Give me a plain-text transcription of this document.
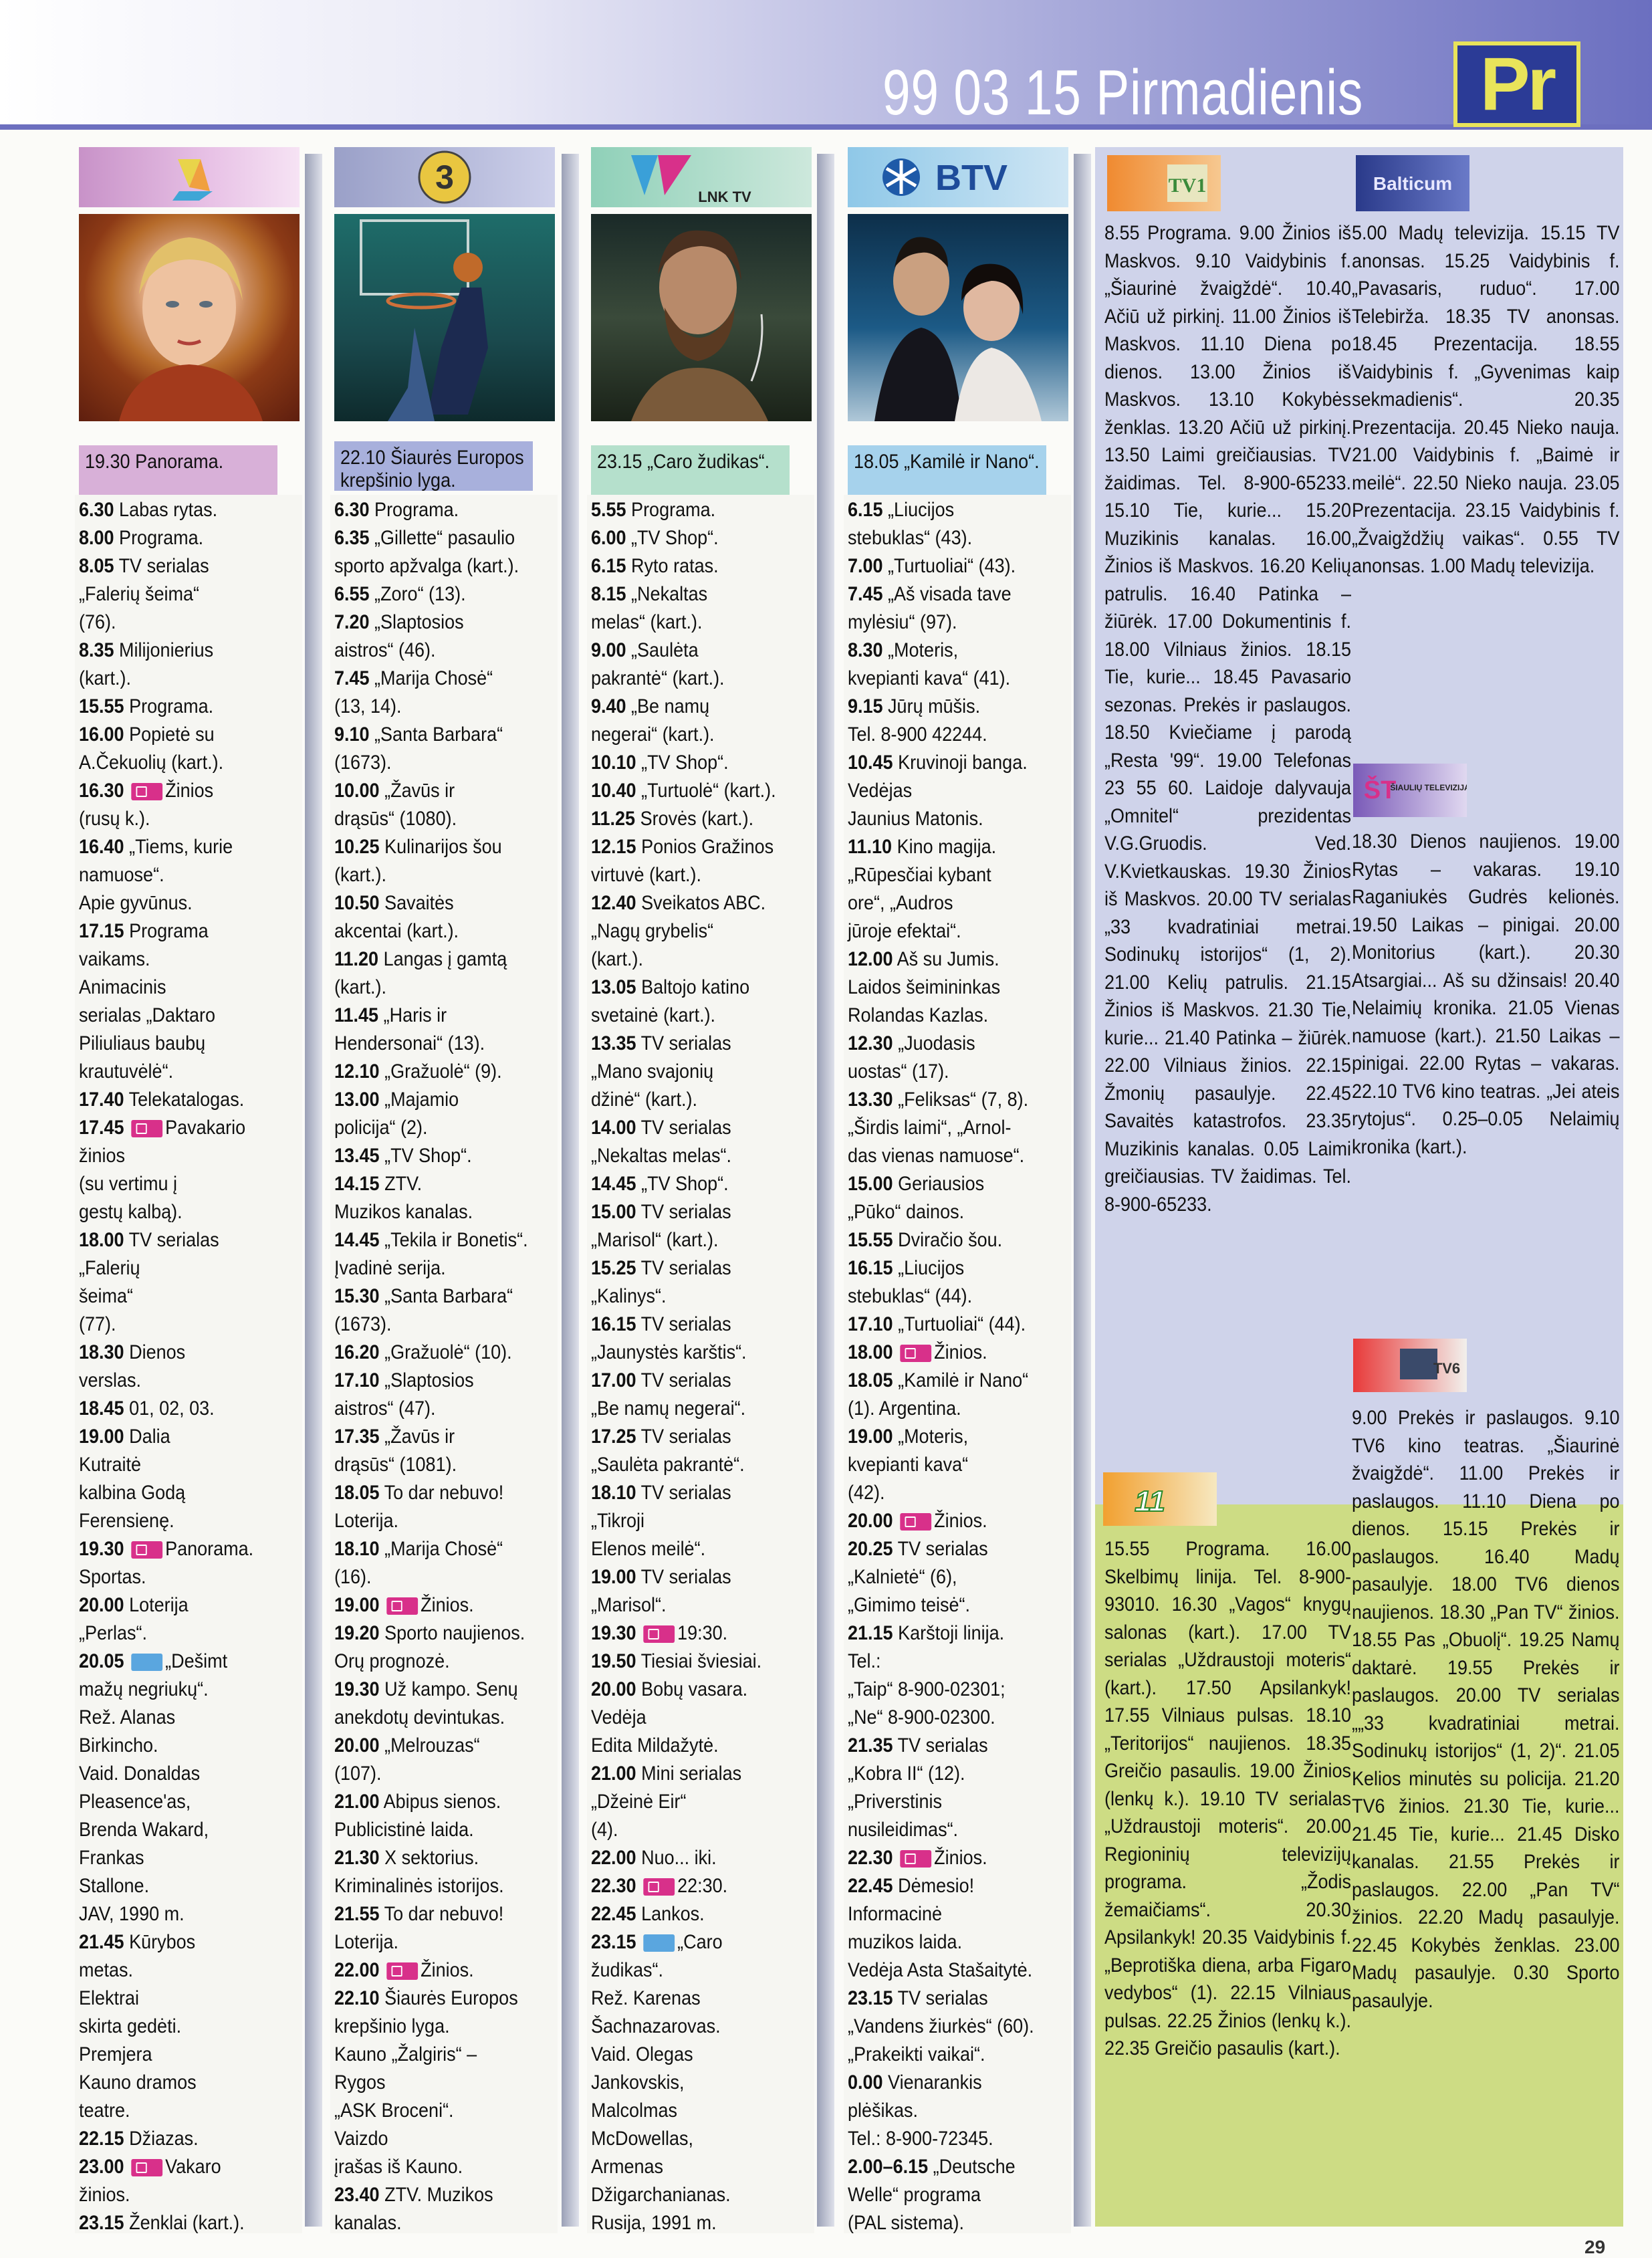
99 03 15 Pirmadienis	Pr
19.30 Panorama.
6.30 Labas rytas.
8.00 Programa.
8.05 TV serialas
„Falerių šeima“
(76).
8.35 Milijonierius
(kart.).
15.55 Programa.
16.00 Popietė su
A.Čekuolių (kart.).
16.30 Žinios
(rusų k.).
16.40 „Tiems, kurie
namuose“.
Apie gyvūnus.
17.15 Programa
vaikams.
Animacinis
serialas „Daktaro
Piliuliaus baubų
krautuvėlė“.
17.40 Telekatalogas.
17.45 Pavakario
žinios
(su vertimu į
gestų kalbą).
18.00 TV serialas
„Falerių
šeima“
(77).
18.30 Dienos
verslas.
18.45 01, 02, 03.
19.00 Dalia
Kutraitė
kalbina Godą
Ferensienę.
19.30 Panorama.
Sportas.
20.00 Loterija
„Perlas“.
20.05 „Dešimt
mažų negriukų“.
Rež. Alanas
Birkincho.
Vaid. Donaldas
Pleasence'as,
Brenda Wakard,
Frankas
Stallone.
JAV, 1990 m.
21.45 Kūrybos
metas.
Elektrai
skirta gedėti.
Premjera
Kauno dramos
teatre.
22.15 Džiazas.
23.00 Vakaro
žinios.
23.15 Ženklai (kart.).
3
22.10 Šiaurės Europos krepšinio lyga.
6.30 Programa.
6.35 „Gillette“ pasaulio
sporto apžvalga (kart.).
6.55 „Zoro“ (13).
7.20 „Slaptosios
aistros“ (46).
7.45 „Marija Chosė“
(13, 14).
9.10 „Santa Barbara“
(1673).
10.00 „Žavūs ir
drąsūs“ (1080).
10.25 Kulinarijos šou
(kart.).
10.50 Savaitės
akcentai (kart.).
11.20 Langas į gamtą
(kart.).
11.45 „Haris ir
Hendersonai“ (13).
12.10 „Gražuolė“ (9).
13.00 „Majamio
policija“ (2).
13.45 „TV Shop“.
14.15 ZTV.
Muzikos kanalas.
14.45 „Tekila ir Bonetis“.
Įvadinė serija.
15.30 „Santa Barbara“
(1673).
16.20 „Gražuolė“ (10).
17.10 „Slaptosios
aistros“ (47).
17.35 „Žavūs ir
drąsūs“ (1081).
18.05 To dar nebuvo!
Loterija.
18.10 „Marija Chosė“
(16).
19.00 Žinios.
19.20 Sporto naujienos.
Orų prognozė.
19.30 Už kampo. Senų
anekdotų devintukas.
20.00 „Melrouzas“
(107).
21.00 Abipus sienos.
Publicistinė laida.
21.30 X sektorius.
Kriminalinės istorijos.
21.55 To dar nebuvo!
Loterija.
22.00 Žinios.
22.10 Šiaurės Europos
krepšinio lyga.
Kauno „Žalgiris“ –
Rygos
„ASK Broceni“.
Vaizdo
įrašas iš Kauno.
23.40 ZTV. Muzikos
kanalas.
LNK TV
23.15 „Caro žudikas“.
5.55 Programa.
6.00 „TV Shop“.
6.15 Ryto ratas.
8.15 „Nekaltas
melas“ (kart.).
9.00 „Saulėta
pakrantė“ (kart.).
9.40 „Be namų
negerai“ (kart.).
10.10 „TV Shop“.
10.40 „Turtuolė“ (kart.).
11.25 Srovės (kart.).
12.15 Ponios Gražinos
virtuvė (kart.).
12.40 Sveikatos ABC.
„Nagų grybelis“
(kart.).
13.05 Baltojo katino
svetainė (kart.).
13.35 TV serialas
„Mano svajonių
džinė“ (kart.).
14.00 TV serialas
„Nekaltas melas“.
14.45 „TV Shop“.
15.00 TV serialas
„Marisol“ (kart.).
15.25 TV serialas
„Kalinys“.
16.15 TV serialas
„Jaunystės karštis“.
17.00 TV serialas
„Be namų negerai“.
17.25 TV serialas
„Saulėta pakrantė“.
18.10 TV serialas
„Tikroji
Elenos meilė“.
19.00 TV serialas
„Marisol“.
19.30 19:30.
19.50 Tiesiai šviesiai.
20.00 Bobų vasara.
Vedėja
Edita Mildažytė.
21.00 Mini serialas
„Džeinė Eir“
(4).
22.00 Nuo... iki.
22.30 22:30.
22.45 Lankos.
23.15 „Caro
žudikas“.
Rež. Karenas
Šachnazarovas.
Vaid. Olegas
Jankovskis,
Malcolmas
McDowellas,
Armenas
Džigarchanianas.
Rusija, 1991 m.
BTV
18.05 „Kamilė ir Nano“.
6.15 „Liucijos
stebuklas“ (43).
7.00 „Turtuoliai“ (43).
7.45 „Aš visada tave
mylėsiu“ (97).
8.30 „Moteris,
kvepianti kava“ (41).
9.15 Jūrų mūšis.
Tel. 8-900 42244.
10.45 Kruvinoji banga.
Vedėjas
Jaunius Matonis.
11.10 Kino magija.
„Rūpesčiai kybant
ore“, „Audros
jūroje efektai“.
12.00 Aš su Jumis.
Laidos šeimininkas
Rolandas Kazlas.
12.30 „Juodasis
uostas“ (17).
13.30 „Feliksas“ (7, 8).
„Širdis laimi“, „Arnol-
das vienas namuose“.
15.00 Geriausios
„Pūko“ dainos.
15.55 Dviračio šou.
16.15 „Liucijos
stebuklas“ (44).
17.10 „Turtuoliai“ (44).
18.00 Žinios.
18.05 „Kamilė ir Nano“
(1). Argentina.
19.00 „Moteris,
kvepianti kava“
(42).
20.00 Žinios.
20.25 TV serialas
„Kalnietė“ (6),
„Gimimo teisė“.
21.15 Karštoji linija.
Tel.:
„Taip“ 8-900-02301;
„Ne“ 8-900-02300.
21.35 TV serialas
„Kobra II“ (12).
„Priverstinis
nusileidimas“.
22.30 Žinios.
22.45 Dėmesio!
Informacinė
muzikos laida.
Vedėja Asta Stašaitytė.
23.15 TV serialas
„Vandens žiurkės“ (60).
„Prakeikti vaikai“.
0.00 Vienarankis
plėšikas.
Tel.: 8-900-72345.
2.00–6.15 „Deutsche
Welle“ programa
(PAL sistema).
TV1
8.55 Programa. 9.00 Žinios iš Maskvos. 9.10 Vaidybinis f. „Šiaurinė žvaigždė“. 10.40 Ačiū už pirkinį. 11.00 Žinios iš Maskvos. 11.10 Diena po dienos. 13.00 Žinios iš Maskvos. 13.10 Kokybės ženklas. 13.20 Ačiū už pirkinį. 13.50 Laimi greičiausias. TV žaidimas. Tel. 8-900-65233. 15.10 Tie, kurie... 15.20 Muzikinis kanalas. 16.00 Žinios iš Maskvos. 16.20 Kelių patrulis. 16.40 Patinka – žiūrėk. 17.00 Dokumentinis f. 18.00 Vilniaus žinios. 18.15 Tie, kurie... 18.45 Pavasario sezonas. Prekės ir paslaugos. 18.50 Kviečiame į parodą „Resta '99“. 19.00 Telefonas 23 55 60. Laidoje dalyvauja „Omnitel“ prezidentas V.G.Gruodis. Ved. V.Kvietkauskas. 19.30 Žinios iš Maskvos. 20.00 TV serialas „33 kvadratiniai metrai. Sodinukų istorijos“ (1, 2). 21.00 Kelių patrulis. 21.15 Žinios iš Maskvos. 21.30 Tie, kurie... 21.40 Patinka – žiūrėk. 22.00 Vilniaus žinios. 22.15 Žmonių pasaulyje. 22.45 Savaitės katastrofos. 23.35 Muzikinis kanalas. 0.05 Laimi greičiausias. TV žaidimas. Tel. 8-900-65233.
Balticum
5.00 Madų televizija. 15.15 TV anonsas. 15.25 Vaidybinis f. „Pavasaris, ruduo“. 17.00 Telebirža. 18.35 TV anonsas. 18.45 Prezentacija. 18.55 Vaidybinis f. „Gyvenimas kaip sekmadienis“. 20.35 Prezentacija. 20.45 Nieko nauja. 21.00 Vaidybinis f. „Baimė ir meilė“. 22.50 Nieko nauja. 23.05 Prezentacija. 23.15 Vaidybinis f. „Žvaigždžių vaikas“. 0.55 TV anonsas. 1.00 Madų televizija.
ŠT
ŠIAULIŲ TELEVIZIJA
18.30 Dienos naujienos. 19.00 Rytas – vakaras. 19.10 Raganiukės Gudrės kelionės. 19.50 Laikas – pinigai. 20.00 Monitorius (kart.). 20.30 Atsargiai... Aš su džinsais! 20.40 Nelaimių kronika. 21.05 Vienas namuose (kart.). 21.50 Laikas – pinigai. 22.00 Rytas – vakaras. 22.10 TV6 kino teatras. „Jei ateis rytojus“. 0.25–0.05 Nelaimių kronika (kart.).
TV6
9.00 Prekės ir paslaugos. 9.10 TV6 kino teatras. „Šiaurinė žvaigždė“. 11.00 Prekės ir paslaugos. 11.10 Diena po dienos. 15.15 Prekės ir paslaugos. 16.40 Madų pasaulyje. 18.00 TV6 dienos naujienos. 18.30 „Pan TV“ žinios. 18.55 Pas „Obuolį“. 19.25 Namų daktarė. 19.55 Prekės ir paslaugos. 20.00 TV serialas „„33 kvadratiniai metrai. Sodinukų istorijos“ (1, 2)“. 21.05 Kelios minutės su policija. 21.20 TV6 žinios. 21.30 Tie, kurie... 21.45 Tie, kurie... 21.45 Disko kanalas. 21.55 Prekės ir paslaugos. 22.00 „Pan TV“ žinios. 22.20 Madų pasaulyje. 22.45 Kokybės ženklas. 23.00 Madų pasaulyje. 0.30 Sporto pasaulyje.
11
15.55 Programa. 16.00 Skelbimų linija. Tel. 8-900-93010. 16.30 „Vagos“ knygų salonas (kart.). 17.00 TV serialas „Uždraustoji moteris“ (kart.). 17.50 Apsilankyk! 17.55 Vilniaus pulsas. 18.10 „Teritorijos“ naujienos. 18.35 Greičio pasaulis. 19.00 Žinios (lenkų k.). 19.10 TV serialas „Uždraustoji moteris“. 20.00 Regioninių televizijų programa. „Žodis žemaičiams“. 20.30 Apsilankyk! 20.35 Vaidybinis f. „Beprotiška diena, arba Figaro vedybos“ (1). 22.15 Vilniaus pulsas. 22.25 Žinios (lenkų k.). 22.35 Greičio pasaulis (kart.).
29
